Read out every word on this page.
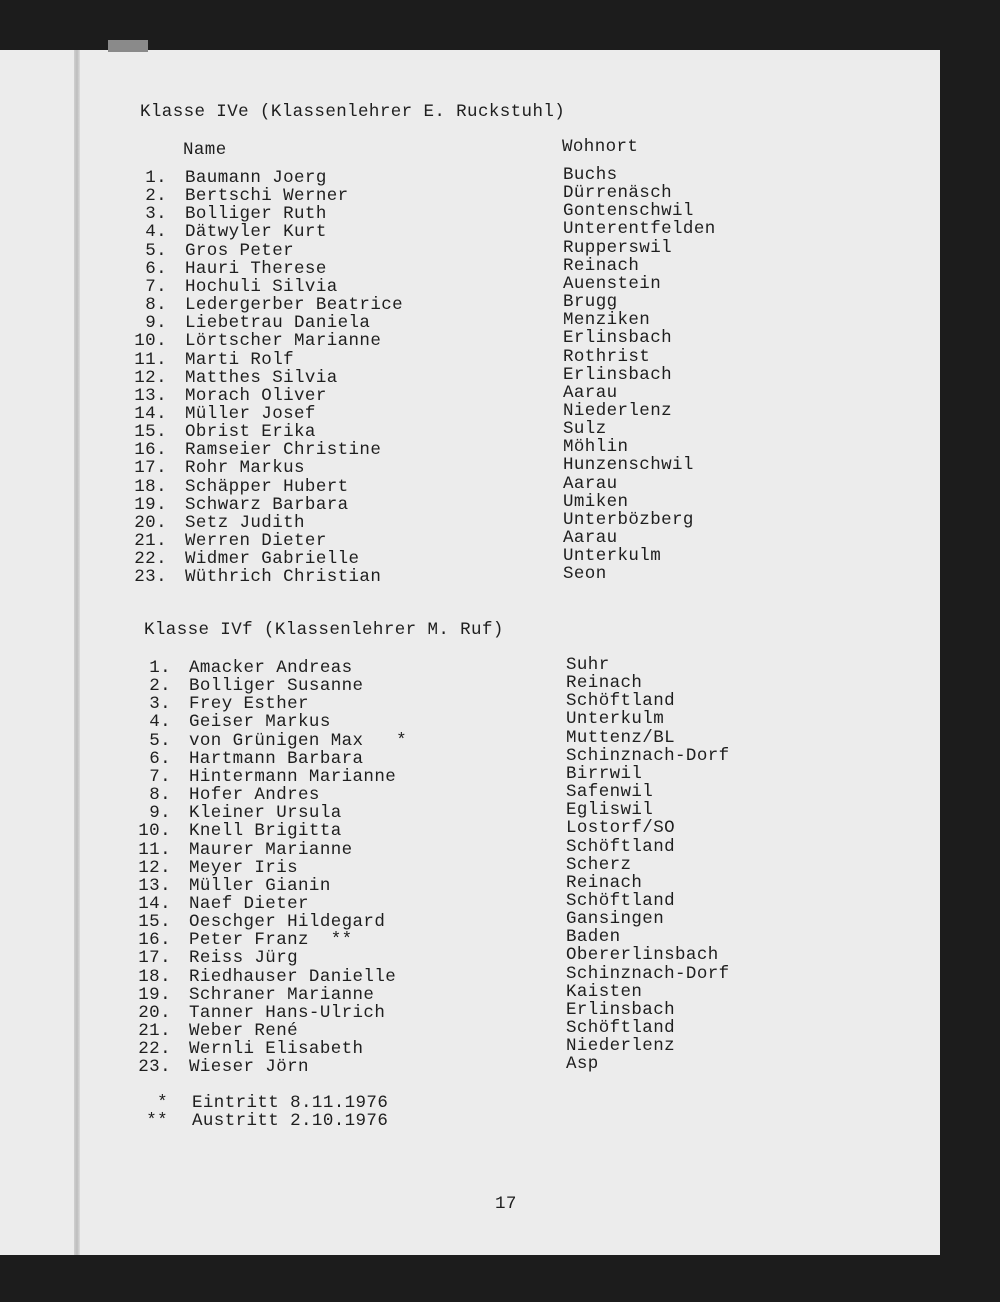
Klasse IVe (Klassenlehrer E. Ruckstuhl)
Name	Wohnort
1. Baumann Joerg	Buchs
2. Bertschi Werner	Dürrenäsch
3. Bolliger Ruth	Gontenschwil
4. Dätwyler Kurt	Unterentfelden
5. Gros Peter	Rupperswil
6. Hauri Therese	Reinach
7. Hochuli Silvia	Auenstein
8. Ledergerber Beatrice	Brugg
9. Liebetrau Daniela	Menziken
10. Lörtscher Marianne	Erlinsbach
11. Marti Rolf	Rothrist
12. Matthes Silvia	Erlinsbach
13. Morach Oliver	Aarau
14. Müller Josef	Niederlenz
15. Obrist Erika	Sulz
16. Ramseier Christine	Möhlin
17. Rohr Markus	Hunzenschwil
18. Schäpper Hubert	Aarau
19. Schwarz Barbara	Umiken
20. Setz Judith	Unterbözberg
21. Werren Dieter	Aarau
22. Widmer Gabrielle	Unterkulm
23. Wüthrich Christian	Seon
Klasse IVf (Klassenlehrer M. Ruf)
1. Amacker Andreas	Suhr
2. Bolliger Susanne	Reinach
3. Frey Esther	Schöftland
4. Geiser Markus	Unterkulm
5. von Grünigen Max   *	Muttenz/BL
6. Hartmann Barbara	Schinznach-Dorf
7. Hintermann Marianne	Birrwil
8. Hofer Andres	Safenwil
9. Kleiner Ursula	Egliswil
10. Knell Brigitta	Lostorf/SO
11. Maurer Marianne	Schöftland
12. Meyer Iris	Scherz
13. Müller Gianin	Reinach
14. Naef Dieter	Schöftland
15. Oeschger Hildegard	Gansingen
16. Peter Franz  **	Baden
17. Reiss Jürg	Obererlinsbach
18. Riedhauser Danielle	Schinznach-Dorf
19. Schraner Marianne	Kaisten
20. Tanner Hans-Ulrich	Erlinsbach
21. Weber René	Schöftland
22. Wernli Elisabeth	Niederlenz
23. Wieser Jörn	Asp
* Eintritt 8.11.1976
** Austritt 2.10.1976
17
